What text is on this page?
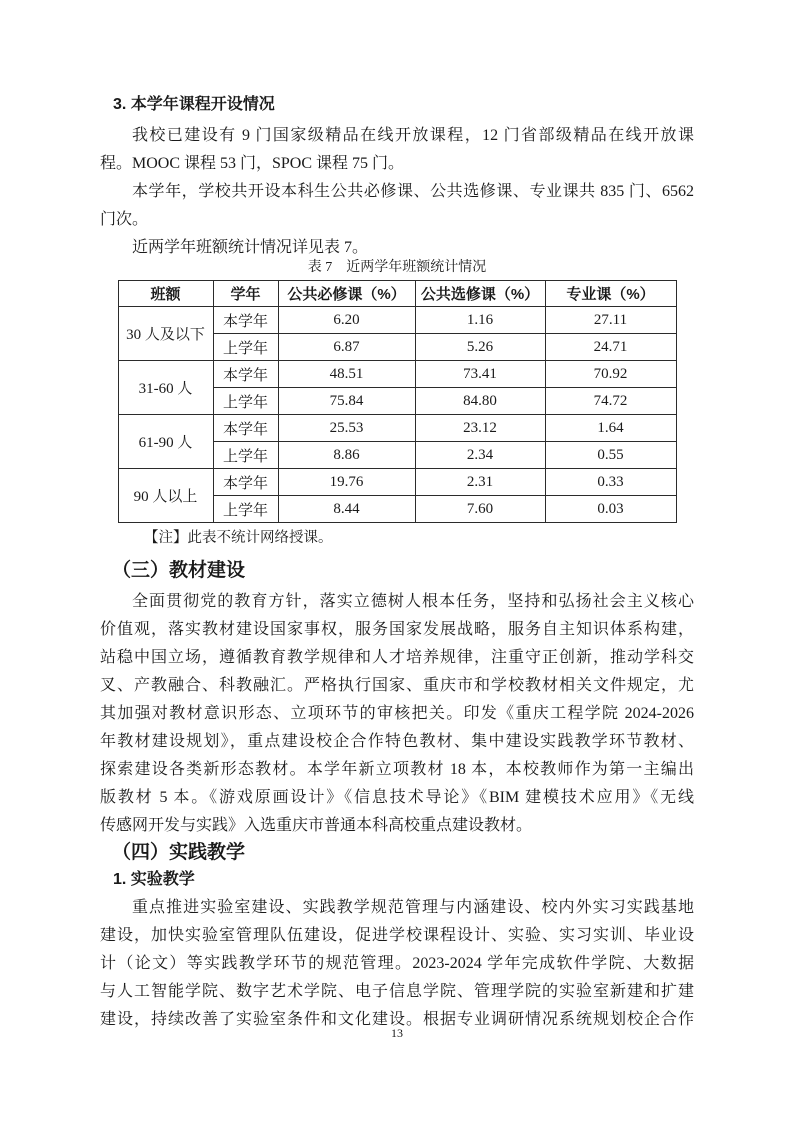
3. 本学年课程开设情况
我校已建设有 9 门国家级精品在线开放课程，12 门省部级精品在线开放课
程。MOOC 课程 53 门，SPOC 课程 75 门。
本学年，学校共开设本科生公共必修课、公共选修课、专业课共 835 门、6562
门次。
近两学年班额统计情况详见表 7。
表 7　近两学年班额统计情况
班额	学年	公共必修课（%）	公共选修课（%）	专业课（%）
30 人及以下	本学年	6.20	1.16	27.11
	上学年	6.87	5.26	24.71
31-60 人	本学年	48.51	73.41	70.92
	上学年	75.84	84.80	74.72
61-90 人	本学年	25.53	23.12	1.64
	上学年	8.86	2.34	0.55
90 人以上	本学年	19.76	2.31	0.33
	上学年	8.44	7.60	0.03
【注】此表不统计网络授课。
（三）教材建设
全面贯彻党的教育方针，落实立德树人根本任务，坚持和弘扬社会主义核心
价值观，落实教材建设国家事权，服务国家发展战略，服务自主知识体系构建，
站稳中国立场，遵循教育教学规律和人才培养规律，注重守正创新，推动学科交
叉、产教融合、科教融汇。严格执行国家、重庆市和学校教材相关文件规定，尤
其加强对教材意识形态、立项环节的审核把关。印发《重庆工程学院 2024-2026
年教材建设规划》，重点建设校企合作特色教材、集中建设实践教学环节教材、
探索建设各类新形态教材。本学年新立项教材 18 本，本校教师作为第一主编出
版教材 5 本。《游戏原画设计》《信息技术导论》《BIM 建模技术应用》《无线
传感网开发与实践》入选重庆市普通本科高校重点建设教材。
（四）实践教学
1. 实验教学
重点推进实验室建设、实践教学规范管理与内涵建设、校内外实习实践基地
建设，加快实验室管理队伍建设，促进学校课程设计、实验、实习实训、毕业设
计（论文）等实践教学环节的规范管理。2023-2024 学年完成软件学院、大数据
与人工智能学院、数字艺术学院、电子信息学院、管理学院的实验室新建和扩建
建设，持续改善了实验室条件和文化建设。根据专业调研情况系统规划校企合作
13
